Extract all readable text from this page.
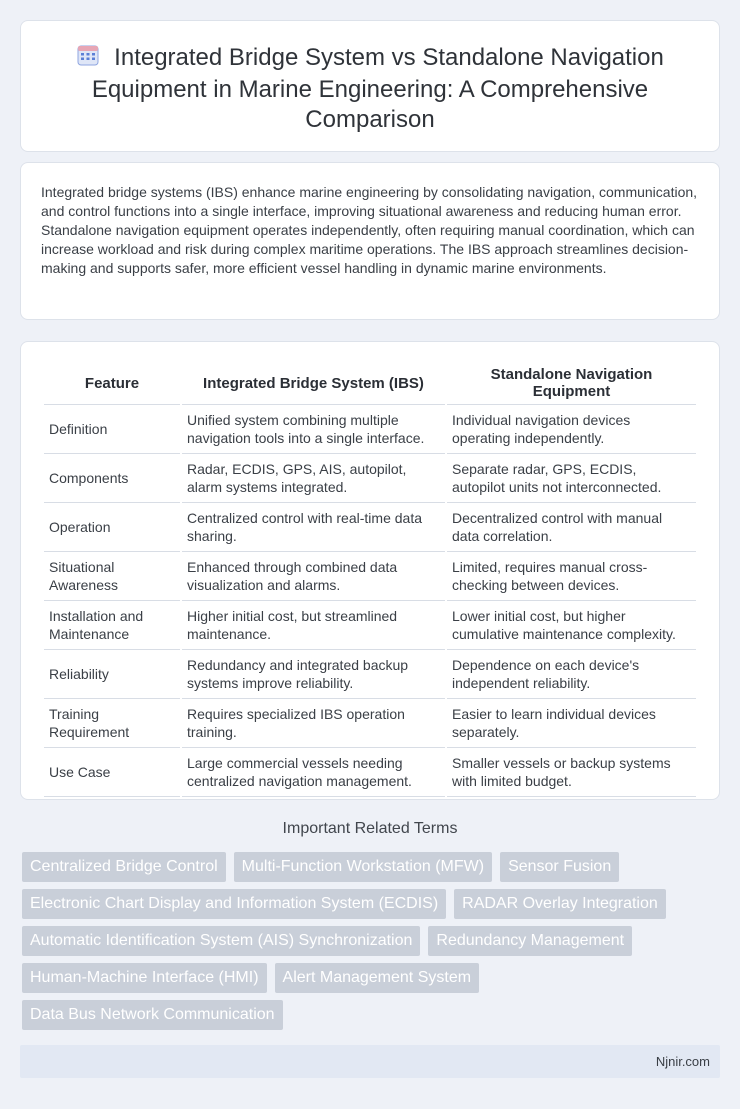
Integrated Bridge System vs Standalone Navigation Equipment in Marine Engineering: A Comprehensive Comparison

Integrated bridge systems (IBS) enhance marine engineering by consolidating navigation, communication, and control functions into a single interface, improving situational awareness and reducing human error. Standalone navigation equipment operates independently, often requiring manual coordination, which can increase workload and risk during complex maritime operations. The IBS approach streamlines decision-making and supports safer, more efficient vessel handling in dynamic marine environments.

Feature	Integrated Bridge System (IBS)	Standalone Navigation Equipment
Definition	Unified system combining multiple navigation tools into a single interface.	Individual navigation devices operating independently.
Components	Radar, ECDIS, GPS, AIS, autopilot, alarm systems integrated.	Separate radar, GPS, ECDIS, autopilot units not interconnected.
Operation	Centralized control with real-time data sharing.	Decentralized control with manual data correlation.
Situational Awareness	Enhanced through combined data visualization and alarms.	Limited, requires manual cross-checking between devices.
Installation and Maintenance	Higher initial cost, but streamlined maintenance.	Lower initial cost, but higher cumulative maintenance complexity.
Reliability	Redundancy and integrated backup systems improve reliability.	Dependence on each device's independent reliability.
Training Requirement	Requires specialized IBS operation training.	Easier to learn individual devices separately.
Use Case	Large commercial vessels needing centralized navigation management.	Smaller vessels or backup systems with limited budget.
Important Related Terms
Centralized Bridge Control	Multi-Function Workstation (MFW)	Sensor Fusion
Electronic Chart Display and Information System (ECDIS)	RADAR Overlay Integration
Automatic Identification System (AIS) Synchronization	Redundancy Management
Human-Machine Interface (HMI)	Alert Management System
Data Bus Network Communication
Njnir.com
